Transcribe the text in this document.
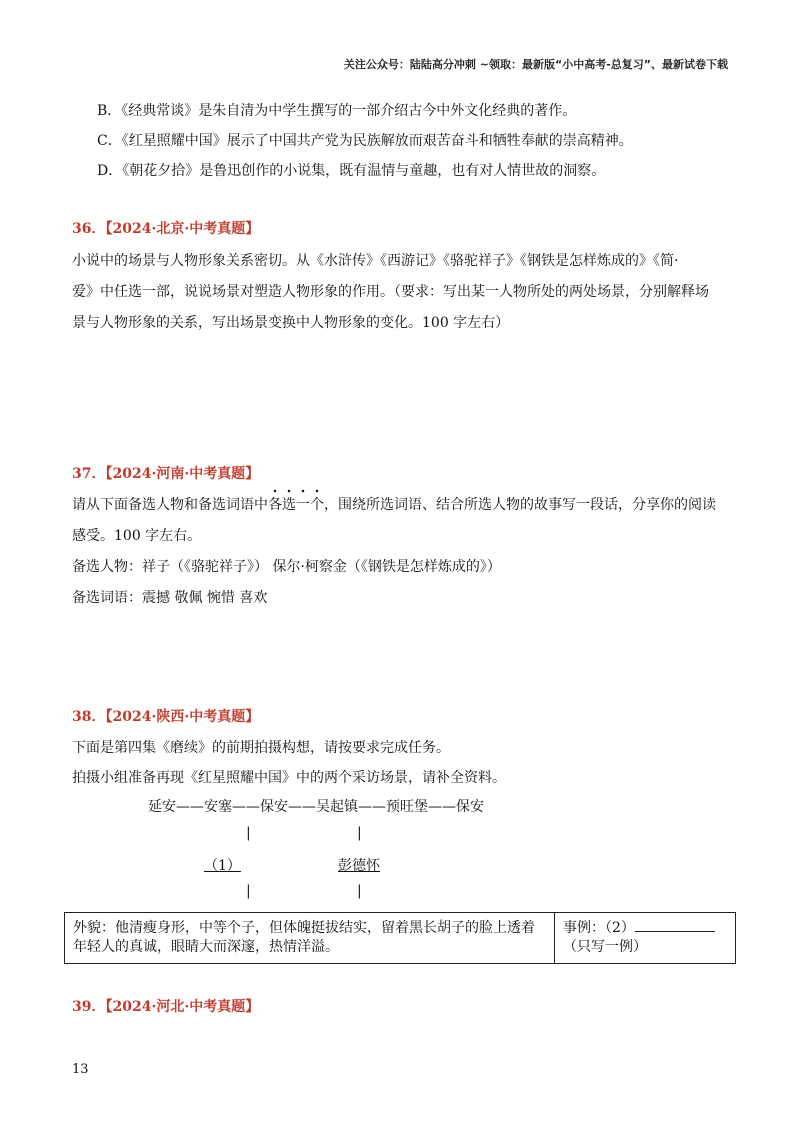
关注公众号：陆陆高分冲刺 ~领取：最新版“小中高考-总复习”、最新试卷下载
B．《经典常谈》是朱自清为中学生撰写的一部介绍古今中外文化经典的著作。
C．《红星照耀中国》展示了中国共产党为民族解放而艰苦奋斗和牺牲奉献的崇高精神。
D．《朝花夕拾》是鲁迅创作的小说集，既有温情与童趣，也有对人情世故的洞察。
36．【2024·北京·中考真题】
小说中的场景与人物形象关系密切。从《水浒传》《西游记》《骆驼祥子》《钢铁是怎样炼成的》《简·
爱》中任选一部，说说场景对塑造人物形象的作用。（要求：写出某一人物所处的两处场景，分别解释场
景与人物形象的关系，写出场景变换中人物形象的变化。100 字左右）
37．【2024·河南·中考真题】
请从下面备选人物和备选词语中各选一个，围绕所选词语、结合所选人物的故事写一段话，分享你的阅读
感受。100 字左右。
备选人物：祥子（《骆驼祥子》） 保尔·柯察金（《钢铁是怎样炼成的》）
备选词语：震撼 敬佩 惋惜 喜欢
38．【2024·陕西·中考真题】
下面是第四集《磨续》的前期拍摄构想，请按要求完成任务。
拍摄小组准备再现《红星照耀中国》中的两个采访场景，请补全资料。
延安——安塞——保安——吴起镇——预旺堡——保安
|	|
（1）	彭德怀
|	|
外貌：他清瘦身形，中等个子，但体魄挺拔结实，留着黑长胡子的脸上透着年轻人的真诚，眼睛大而深邃，热情洋溢。	事例：（2）
（只写一例）
39．【2024·河北·中考真题】
13
